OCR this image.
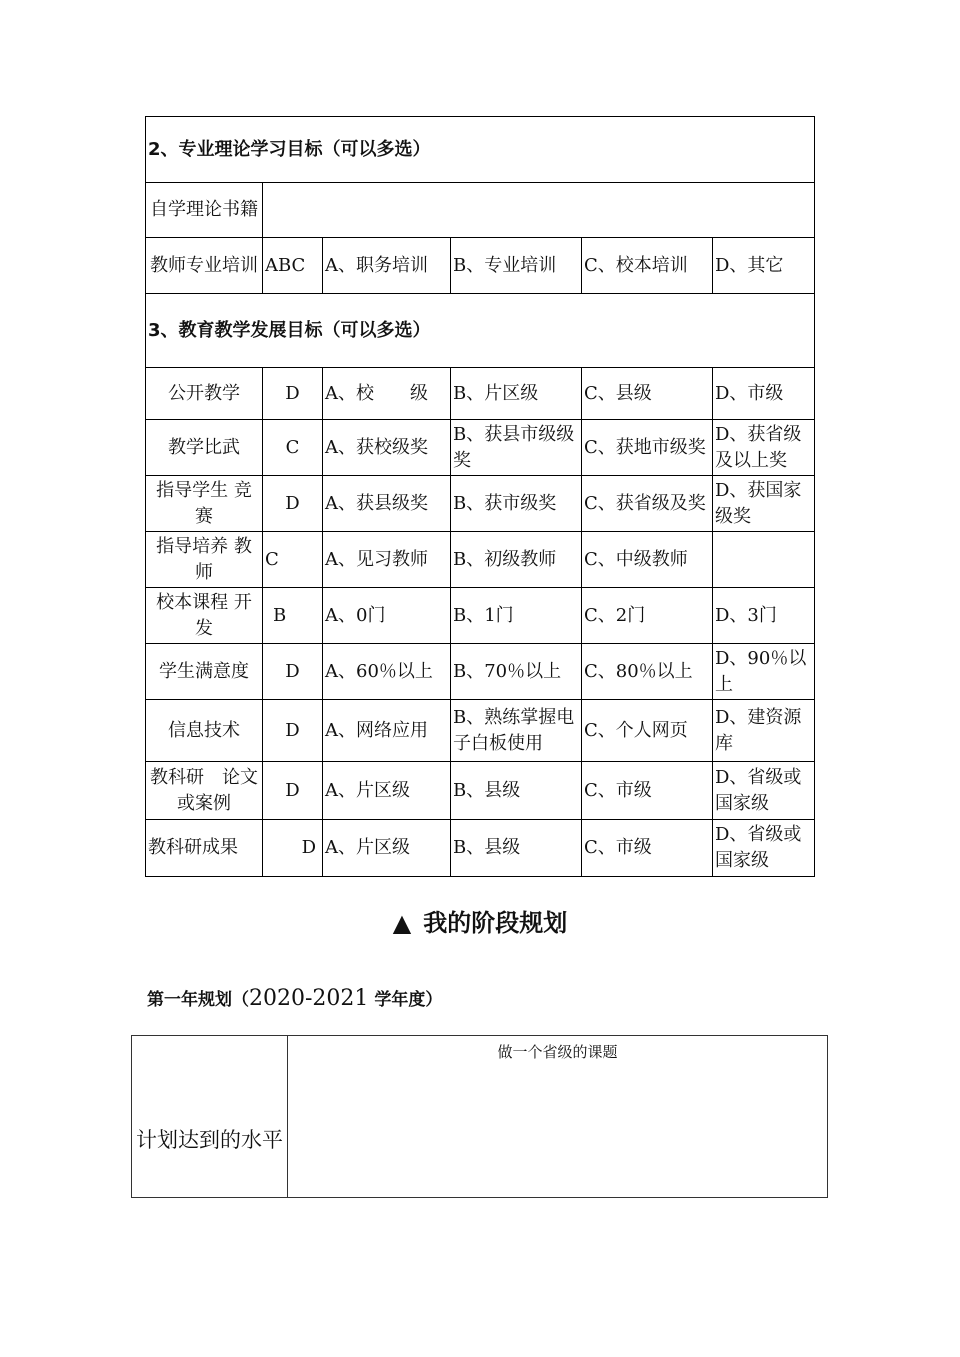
2、专业理论学习目标（可以多选）					
自学理论书籍					
教师专业培训	ABC	A、职务培训	B、专业培训	C、校本培训	D、其它
3、教育教学发展目标（可以多选）					
公开教学	D	A、校　　级	B、片区级	C、县级	D、市级
教学比武	C	A、获校级奖	B、获县市级级奖	C、获地市级奖	D、获省级及以上奖
指导学生 竞赛	D	A、获县级奖	B、获市级奖	C、获省级及奖	D、获国家级奖
指导培养 教师	C	A、见习教师	B、初级教师	C、中级教师	
校本课程 开发	B	A、0门	B、1门	C、2门	D、3门
学生满意度	D	A、60％以上	B、70％以上	C、80％以上	D、90％以上
信息技术	D	A、网络应用	B、熟练掌握电子白板使用	C、个人网页	D、建资源库
教科研　论文或案例	D	A、片区级	B、县级	C、市级	D、省级或国家级
教科研成果	D	A、片区级	B、县级	C、市级	D、省级或国家级
▲ 我的阶段规划
第一年规划（2020-2021 学年度）
计划达到的水平	做一个省级的课题
